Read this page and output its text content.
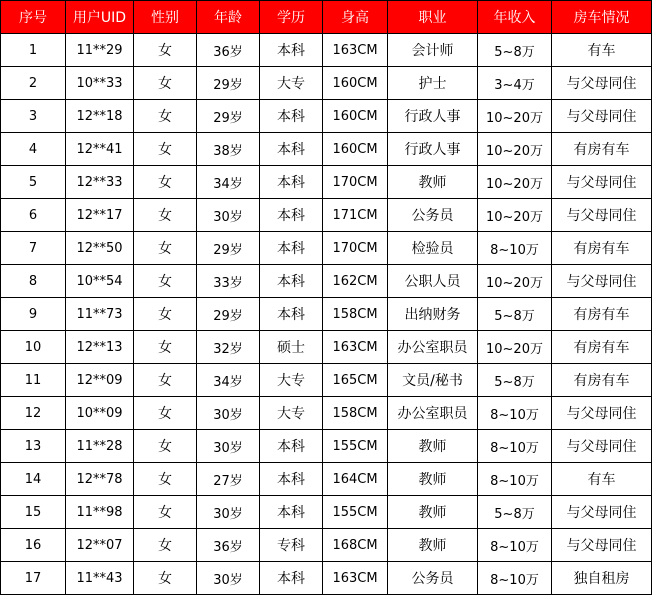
序号	用户UID	性别	年龄	学历	身高	职业	年收入	房车情况
1	11**29	女	36岁	本科	163CM	会计师	5~8万	有车
2	10**33	女	29岁	大专	160CM	护士	3~4万	与父母同住
3	12**18	女	29岁	本科	160CM	行政人事	10~20万	与父母同住
4	12**41	女	38岁	本科	160CM	行政人事	10~20万	有房有车
5	12**33	女	34岁	本科	170CM	教师	10~20万	与父母同住
6	12**17	女	30岁	本科	171CM	公务员	10~20万	与父母同住
7	12**50	女	29岁	本科	170CM	检验员	8~10万	有房有车
8	10**54	女	33岁	本科	162CM	公职人员	10~20万	与父母同住
9	11**73	女	29岁	本科	158CM	出纳财务	5~8万	有房有车
10	12**13	女	32岁	硕士	163CM	办公室职员	10~20万	有房有车
11	12**09	女	34岁	大专	165CM	文员/秘书	5~8万	有房有车
12	10**09	女	30岁	大专	158CM	办公室职员	8~10万	与父母同住
13	11**28	女	30岁	本科	155CM	教师	8~10万	与父母同住
14	12**78	女	27岁	本科	164CM	教师	8~10万	有车
15	11**98	女	30岁	本科	155CM	教师	5~8万	与父母同住
16	12**07	女	36岁	专科	168CM	教师	8~10万	与父母同住
17	11**43	女	30岁	本科	163CM	公务员	8~10万	独自租房
